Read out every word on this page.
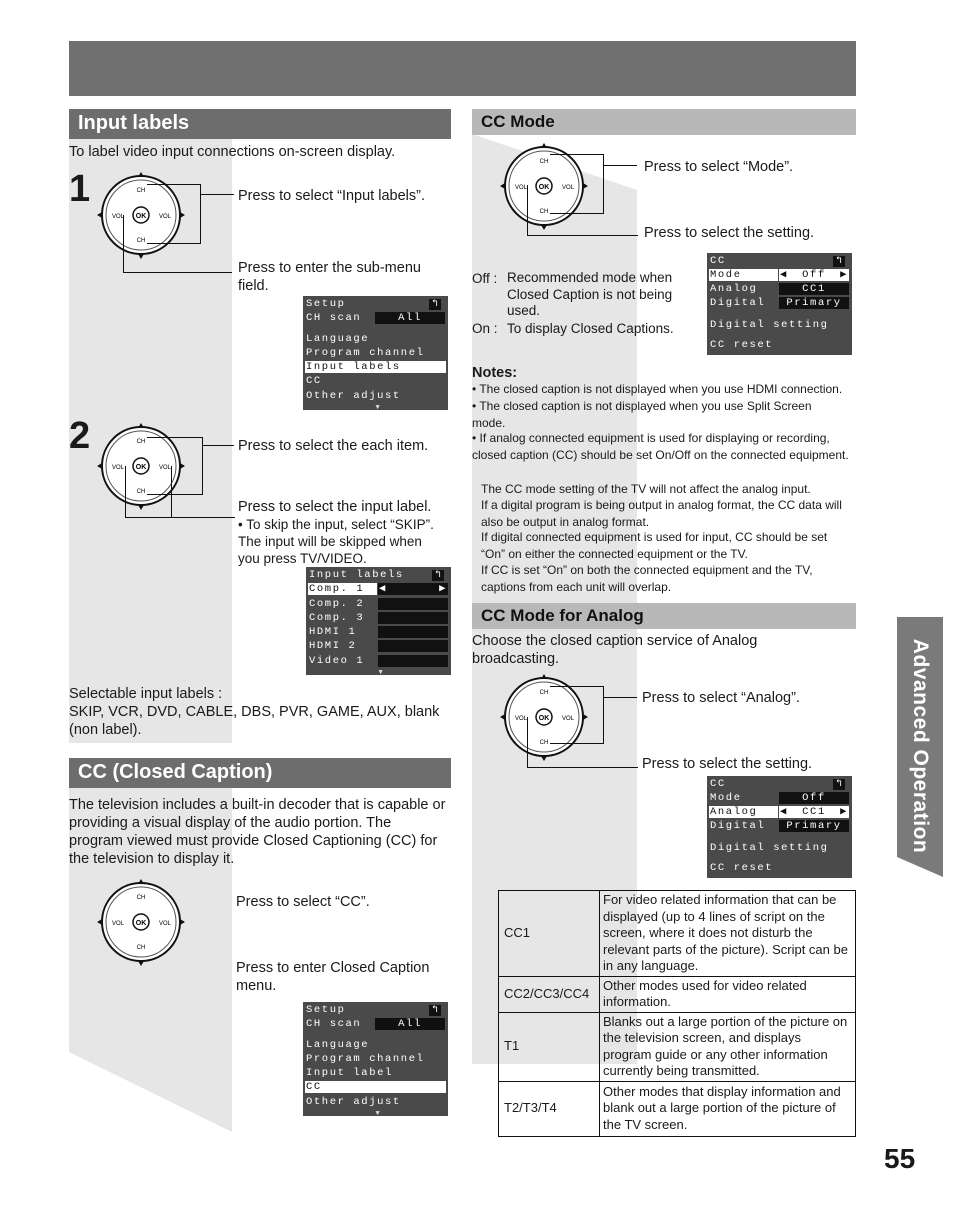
Input labels
To label video input connections on-screen display.
1
OK
CH
CH
VOL	VOL
Press to select “Input labels”.
Press to enter the sub-menu field.
Setup	↰
CH scan	All
Language
Program channel
Input labels
CC
Other adjust
▼
2
OK
CH
CH
VOL	VOL
Press to select the each item.
Press to select the input label.
• To skip the input, select “SKIP”. The input will be skipped when you press TV/VIDEO.
Input labels	↰
Comp. 1	◀	▶
Comp. 2
Comp. 3
HDMI 1
HDMI 2
Video 1
▼
Selectable input labels :
SKIP, VCR, DVD, CABLE, DBS, PVR, GAME, AUX, blank (non label).
CC (Closed Caption)
The television includes a built-in decoder that is capable or providing a visual display of the audio portion. The program viewed must provide Closed Captioning (CC) for the television to display it.
OK
CH
CH
VOL	VOL
Press to select “CC”.
Press to enter Closed Caption menu.
Setup	↰
CH scan	All
Language
Program channel
Input label
CC
Other adjust
▼
CC Mode
OK
CH
CH
VOL	VOL
Press to select “Mode”.
Press to select the setting.
Off : Recommended mode when Closed Caption is not being used.
On : To display Closed Captions.
CC	↰
Mode	◀ Off ▶
Analog	CC1
Digital	Primary
Digital setting
CC reset
Notes:
• The closed caption is not displayed when you use HDMI connection.
• The closed caption is not displayed when you use Split Screen mode.
• If analog connected equipment is used for displaying or recording, closed caption (CC) should be set On/Off on the connected equipment.
The CC mode setting of the TV will not affect the analog input.
If a digital program is being output in analog format, the CC data will also be output in analog format.
If digital connected equipment is used for input, CC should be set “On” on either the connected equipment or the TV.
If CC is set “On” on both the connected equipment and the TV, captions from each unit will overlap.
CC Mode for Analog
Choose the closed caption service of Analog broadcasting.
OK
CH
CH
VOL	VOL
Press to select “Analog”.
Press to select the setting.
CC	↰
Mode	Off
Analog	◀ CC1 ▶
Digital	Primary
Digital setting
CC reset
CC1	For video related information that can be displayed (up to 4 lines of script on the screen, where it does not disturb the relevant parts of the picture). Script can be in any language.
CC2/CC3/CC4	Other modes used for video related information.
T1	Blanks out a large portion of the picture on the television screen, and displays program guide or any other information currently being transmitted.
T2/T3/T4	Other modes that display information and blank out a large portion of the picture of the TV screen.
Advanced Operation
55
